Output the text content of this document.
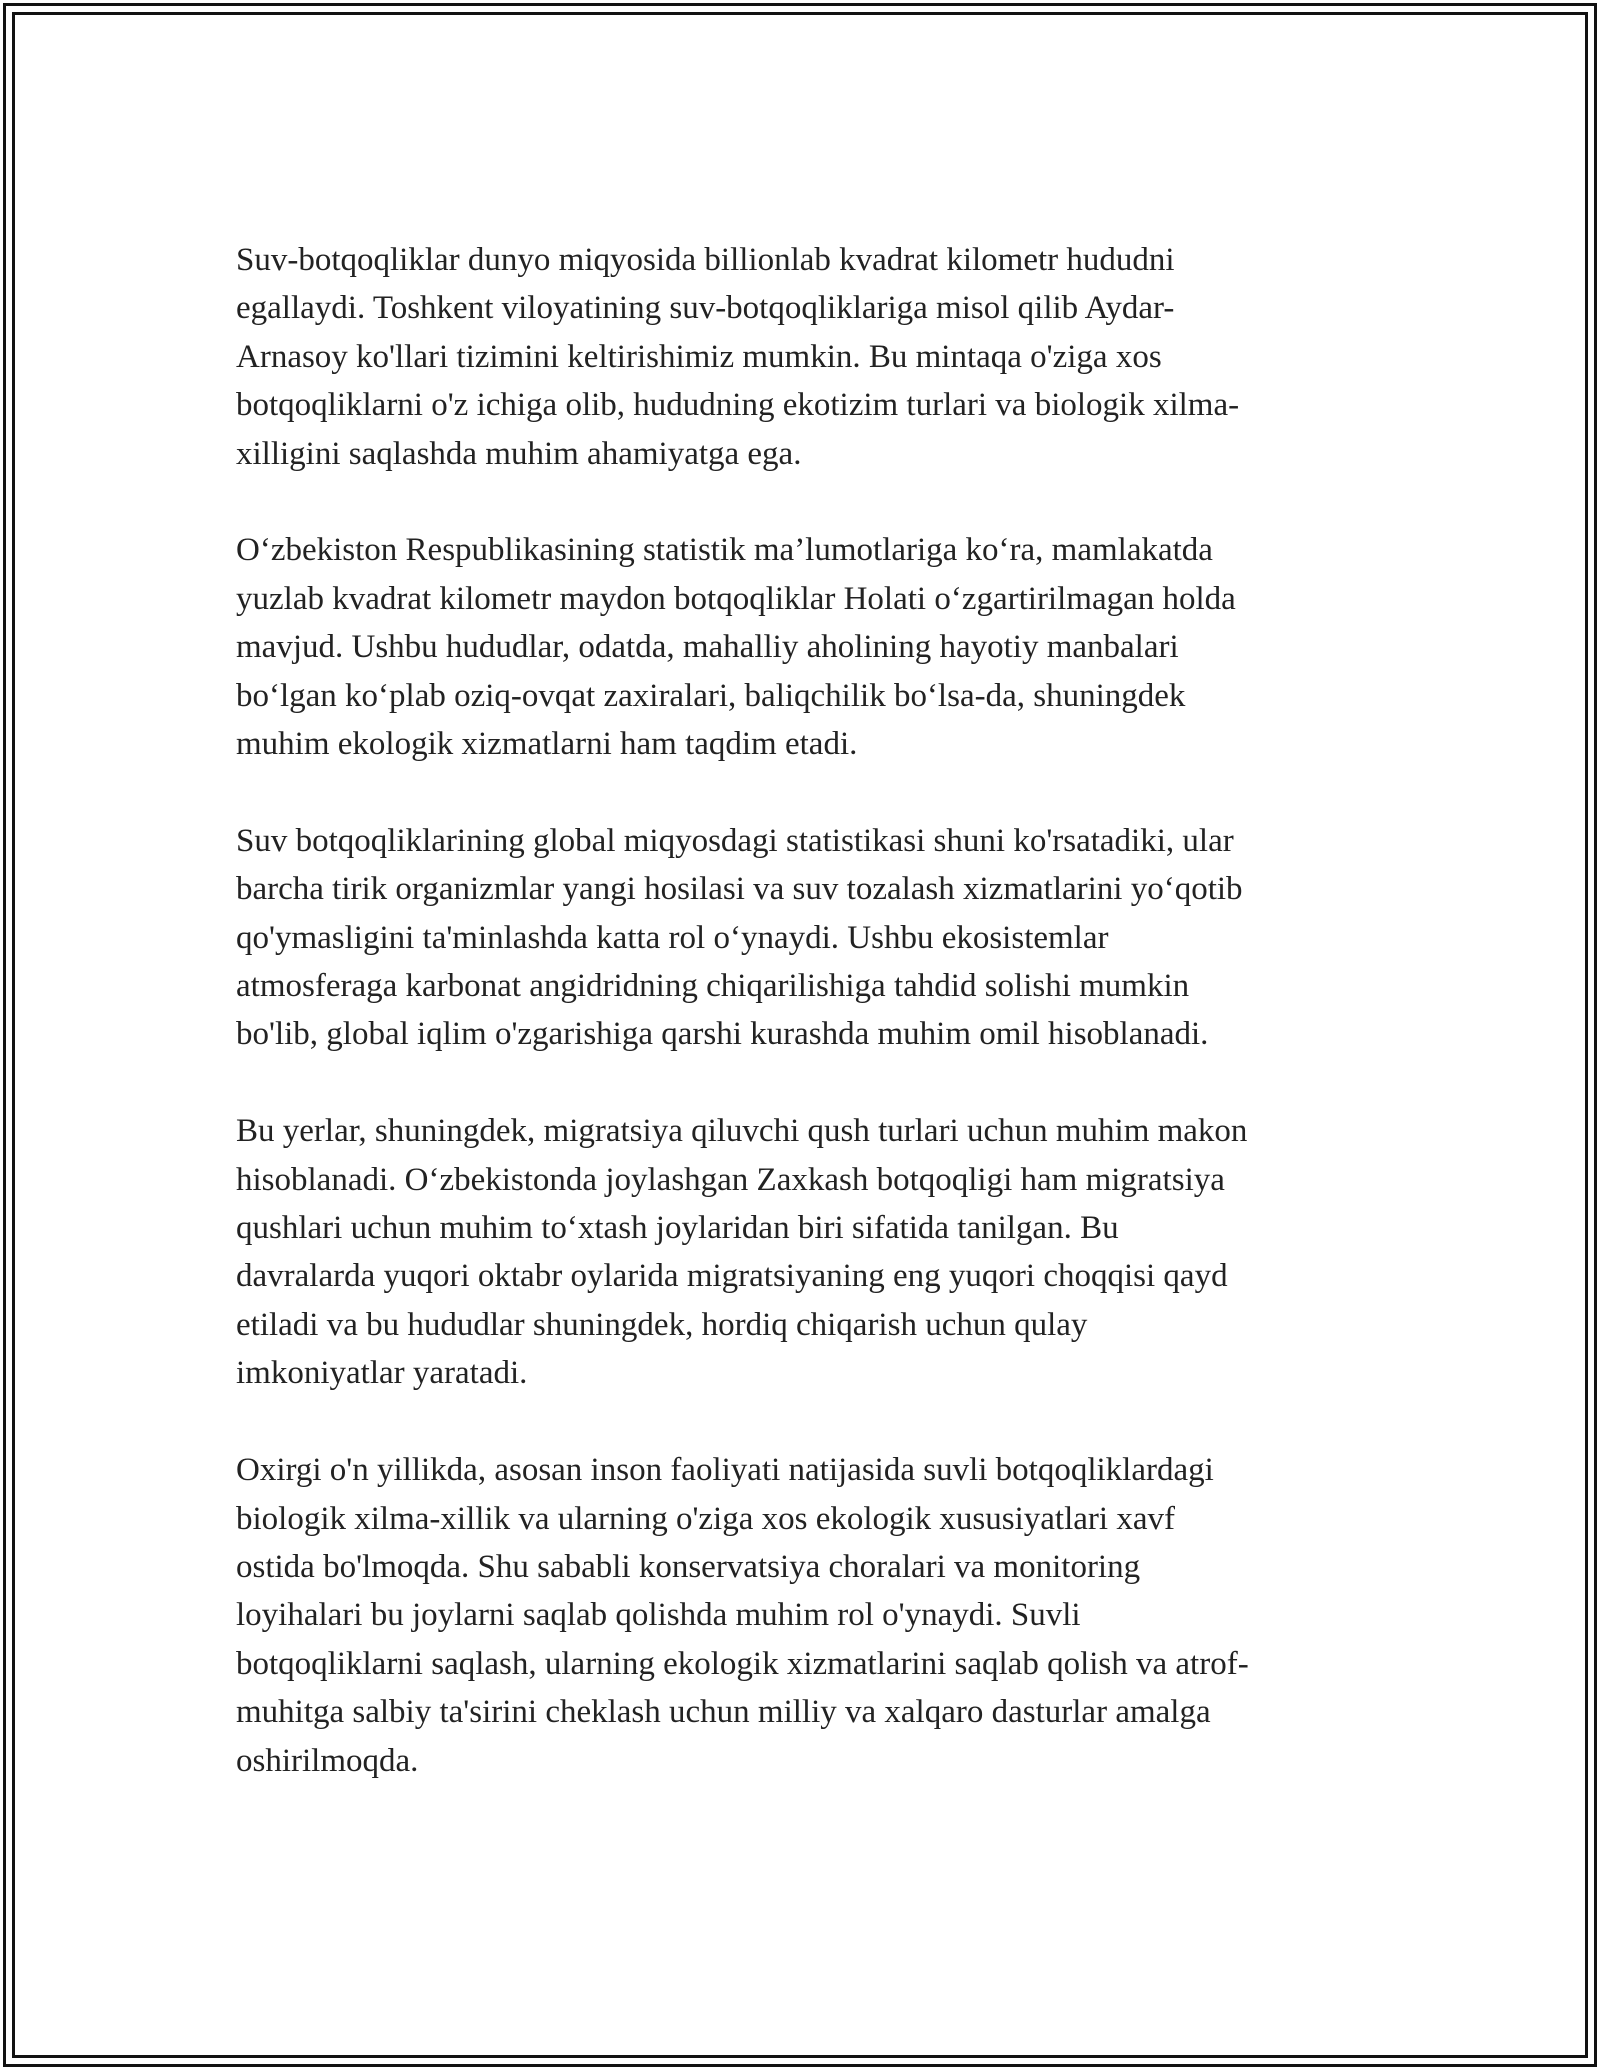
Suv-botqoqliklar dunyo miqyosida billionlab kvadrat kilometr hududni
egallaydi. Toshkent viloyatining suv-botqoqliklariga misol qilib Aydar-
Arnasoy ko'llari tizimini keltirishimiz mumkin. Bu mintaqa o'ziga xos
botqoqliklarni o'z ichiga olib, hududning ekotizim turlari va biologik xilma-
xilligini saqlashda muhim ahamiyatga ega.

O‘zbekiston Respublikasining statistik ma’lumotlariga ko‘ra, mamlakatda
yuzlab kvadrat kilometr maydon botqoqliklar Holati o‘zgartirilmagan holda
mavjud. Ushbu hududlar, odatda, mahalliy aholining hayotiy manbalari
bo‘lgan ko‘plab oziq-ovqat zaxiralari, baliqchilik bo‘lsa-da, shuningdek
muhim ekologik xizmatlarni ham taqdim etadi.

Suv botqoqliklarining global miqyosdagi statistikasi shuni ko'rsatadiki, ular
barcha tirik organizmlar yangi hosilasi va suv tozalash xizmatlarini yo‘qotib
qo'ymasligini ta'minlashda katta rol o‘ynaydi. Ushbu ekosistemlar
atmosferaga karbonat angidridning chiqarilishiga tahdid solishi mumkin
bo'lib, global iqlim o'zgarishiga qarshi kurashda muhim omil hisoblanadi.

Bu yerlar, shuningdek, migratsiya qiluvchi qush turlari uchun muhim makon
hisoblanadi. O‘zbekistonda joylashgan Zaxkash botqoqligi ham migratsiya
qushlari uchun muhim to‘xtash joylaridan biri sifatida tanilgan. Bu
davralarda yuqori oktabr oylarida migratsiyaning eng yuqori choqqisi qayd
etiladi va bu hududlar shuningdek, hordiq chiqarish uchun qulay
imkoniyatlar yaratadi.

Oxirgi o'n yillikda, asosan inson faoliyati natijasida suvli botqoqliklardagi
biologik xilma-xillik va ularning o'ziga xos ekologik xususiyatlari xavf
ostida bo'lmoqda. Shu sababli konservatsiya choralari va monitoring
loyihalari bu joylarni saqlab qolishda muhim rol o'ynaydi. Suvli
botqoqliklarni saqlash, ularning ekologik xizmatlarini saqlab qolish va atrof-
muhitga salbiy ta'sirini cheklash uchun milliy va xalqaro dasturlar amalga
oshirilmoqda.
